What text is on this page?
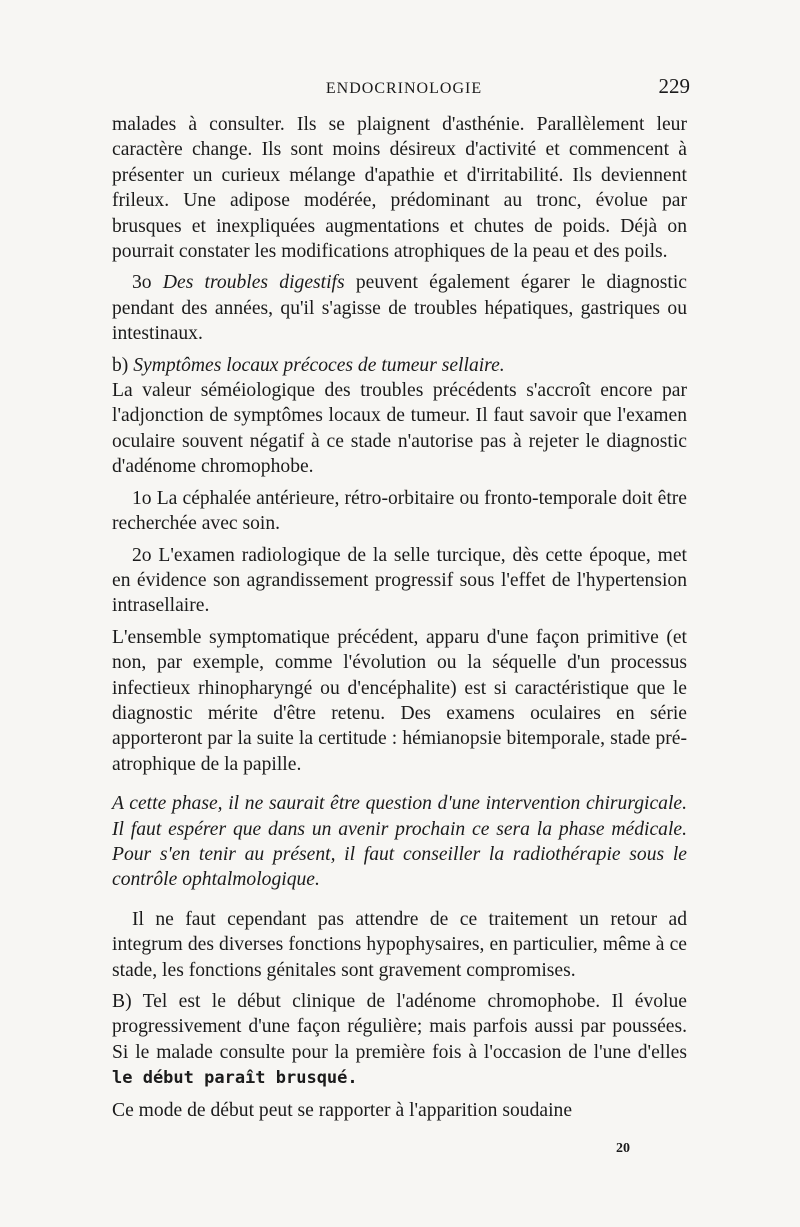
ENDOCRINOLOGIE	229

malades à consulter. Ils se plaignent d'asthénie. Parallèlement leur caractère change. Ils sont moins désireux d'activité et commencent à présenter un curieux mélange d'apathie et d'irritabilité. Ils deviennent frileux. Une adipose modérée, prédominant au tronc, évolue par brusques et inexpliquées augmentations et chutes de poids. Déjà on pourrait constater les modifications atrophiques de la peau et des poils.

3o Des troubles digestifs peuvent également égarer le diagnostic pendant des années, qu'il s'agisse de troubles hépatiques, gastriques ou intestinaux.

b) Symptômes locaux précoces de tumeur sellaire.

La valeur séméiologique des troubles précédents s'accroît encore par l'adjonction de symptômes locaux de tumeur. Il faut savoir que l'examen oculaire souvent négatif à ce stade n'autorise pas à rejeter le diagnostic d'adénome chromophobe.

1o La céphalée antérieure, rétro-orbitaire ou fronto-temporale doit être recherchée avec soin.

2o L'examen radiologique de la selle turcique, dès cette époque, met en évidence son agrandissement progressif sous l'effet de l'hypertension intrasellaire.

L'ensemble symptomatique précédent, apparu d'une façon primitive (et non, par exemple, comme l'évolution ou la séquelle d'un processus infectieux rhinopharyngé ou d'encéphalite) est si caractéristique que le diagnostic mérite d'être retenu. Des examens oculaires en série apporteront par la suite la certitude : hémianopsie bitemporale, stade pré-atrophique de la papille.

A cette phase, il ne saurait être question d'une intervention chirurgicale. Il faut espérer que dans un avenir prochain ce sera la phase médicale. Pour s'en tenir au présent, il faut conseiller la radiothérapie sous le contrôle ophtalmologique.

Il ne faut cependant pas attendre de ce traitement un retour ad integrum des diverses fonctions hypophysaires, en particulier, même à ce stade, les fonctions génitales sont gravement compromises.

B) Tel est le début clinique de l'adénome chromophobe. Il évolue progressivement d'une façon régulière; mais parfois aussi par poussées. Si le malade consulte pour la première fois à l'occasion de l'une d'elles le début paraît brusqué.

Ce mode de début peut se rapporter à l'apparition soudaine

20
